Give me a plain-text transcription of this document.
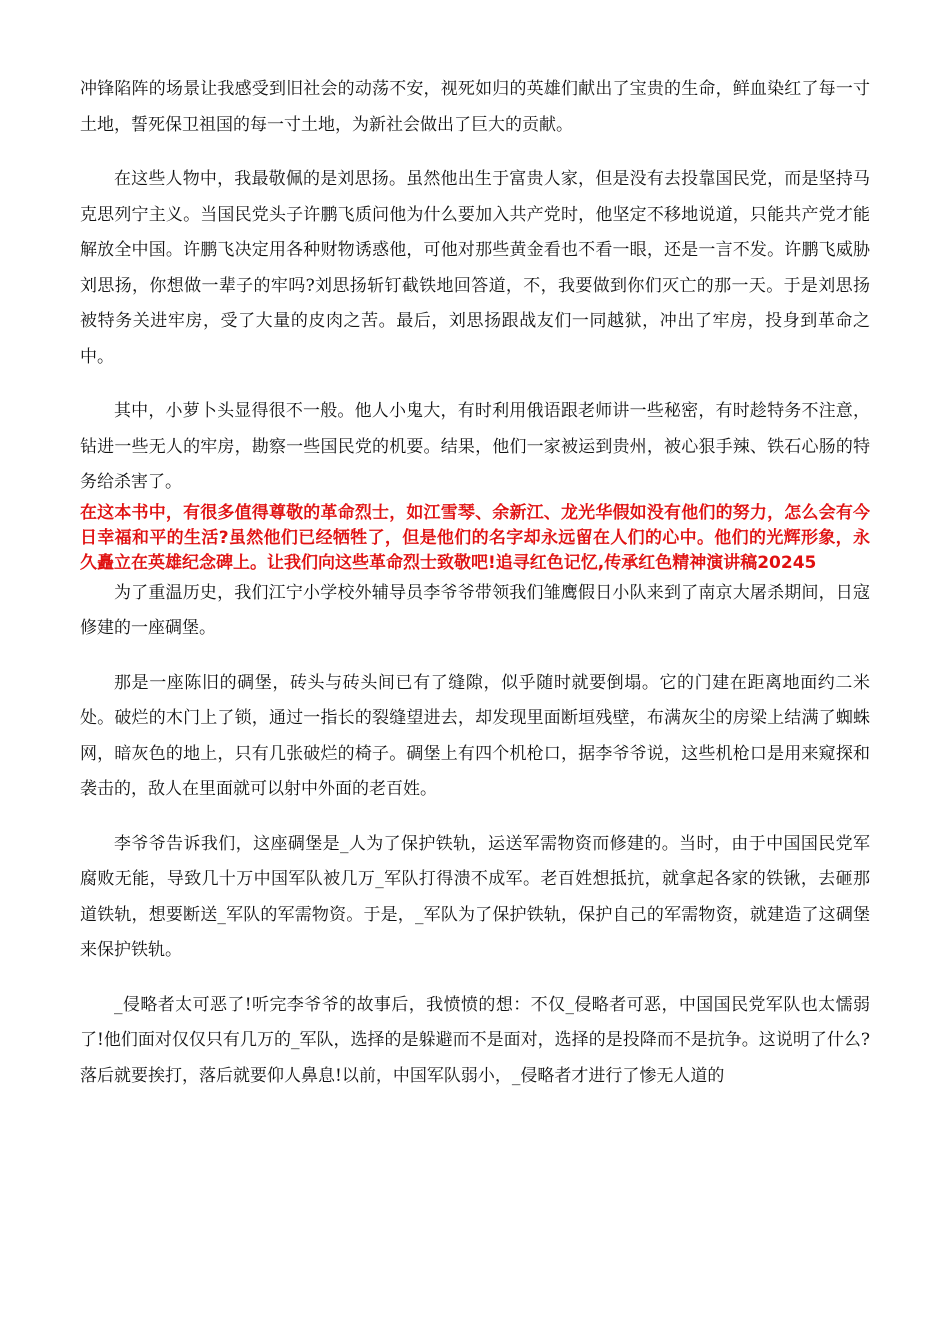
冲锋陷阵的场景让我感受到旧社会的动荡不安，视死如归的英雄们献出了宝贵的生命，鲜血染红了每一寸土地，誓死保卫祖国的每一寸土地，为新社会做出了巨大的贡献。

在这些人物中，我最敬佩的是刘思扬。虽然他出生于富贵人家，但是没有去投靠国民党，而是坚持马克思列宁主义。当国民党头子许鹏飞质问他为什么要加入共产党时，他坚定不移地说道，只能共产党才能解放全中国。许鹏飞决定用各种财物诱惑他，可他对那些黄金看也不看一眼，还是一言不发。许鹏飞威胁刘思扬，你想做一辈子的牢吗?刘思扬斩钉截铁地回答道，不，我要做到你们灭亡的那一天。于是刘思扬被特务关进牢房，受了大量的皮肉之苦。最后，刘思扬跟战友们一同越狱，冲出了牢房，投身到革命之中。

其中，小萝卜头显得很不一般。他人小鬼大，有时利用俄语跟老师讲一些秘密，有时趁特务不注意，钻进一些无人的牢房，勘察一些国民党的机要。结果，他们一家被运到贵州，被心狠手辣、铁石心肠的特务给杀害了。

在这本书中，有很多值得尊敬的革命烈士，如江雪琴、余新江、龙光华假如没有他们的努力，怎么会有今日幸福和平的生活?虽然他们已经牺牲了，但是他们的名字却永远留在人们的心中。他们的光辉形象，永久矗立在英雄纪念碑上。让我们向这些革命烈士致敬吧!追寻红色记忆,传承红色精神演讲稿20245

为了重温历史，我们江宁小学校外辅导员李爷爷带领我们雏鹰假日小队来到了南京大屠杀期间，日寇修建的一座碉堡。

那是一座陈旧的碉堡，砖头与砖头间已有了缝隙，似乎随时就要倒塌。它的门建在距离地面约二米处。破烂的木门上了锁，通过一指长的裂缝望进去，却发现里面断垣残壁，布满灰尘的房梁上结满了蜘蛛网，暗灰色的地上，只有几张破烂的椅子。碉堡上有四个机枪口，据李爷爷说，这些机枪口是用来窥探和袭击的，敌人在里面就可以射中外面的老百姓。

李爷爷告诉我们，这座碉堡是_人为了保护铁轨，运送军需物资而修建的。当时，由于中国国民党军腐败无能，导致几十万中国军队被几万_军队打得溃不成军。老百姓想抵抗，就拿起各家的铁锹，去砸那道铁轨，想要断送_军队的军需物资。于是，_军队为了保护铁轨，保护自己的军需物资，就建造了这碉堡来保护铁轨。

_侵略者太可恶了!听完李爷爷的故事后，我愤愤的想：不仅_侵略者可恶，中国国民党军队也太懦弱了!他们面对仅仅只有几万的_军队，选择的是躲避而不是面对，选择的是投降而不是抗争。这说明了什么?落后就要挨打，落后就要仰人鼻息!以前，中国军队弱小，_侵略者才进行了惨无人道的
